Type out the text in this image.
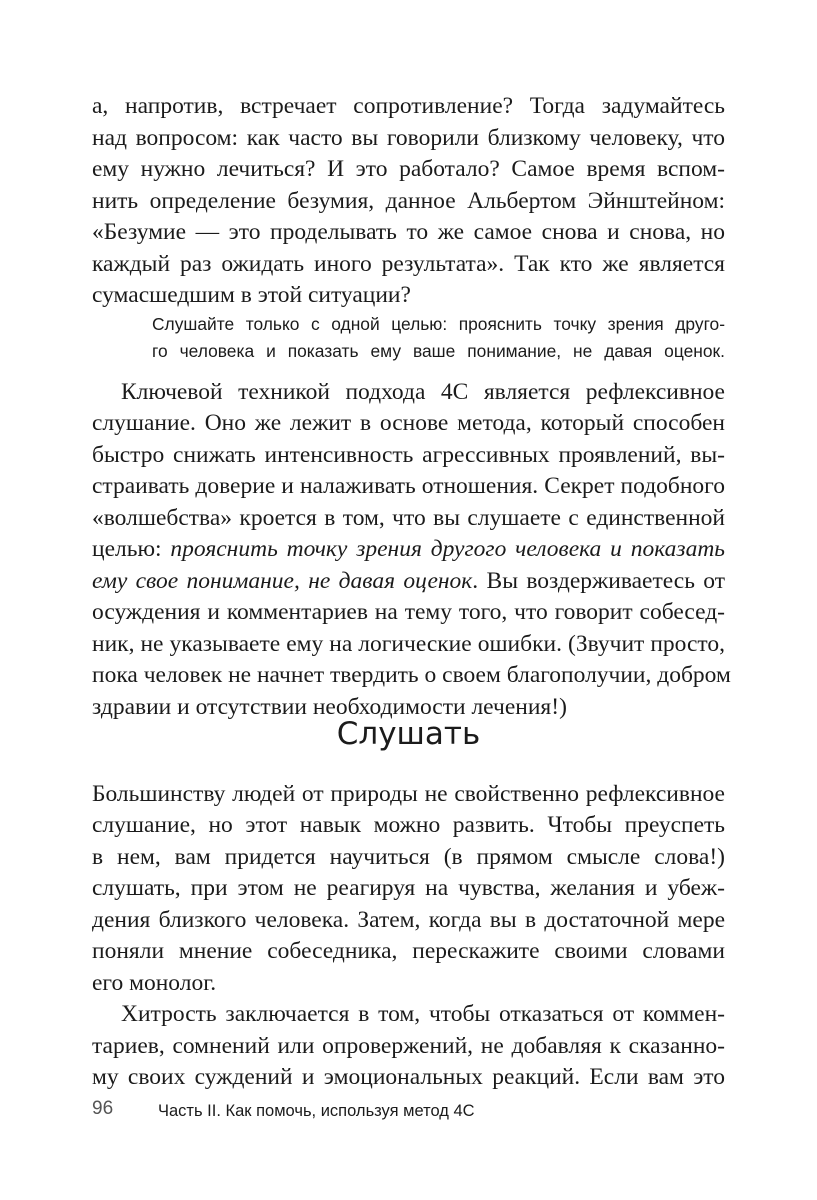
а, напротив, встречает сопротивление? Тогда задумайтесь
над вопросом: как часто вы говорили близкому человеку, что
ему нужно лечиться? И это работало? Самое время вспом-
нить определение безумия, данное Альбертом Эйнштейном:
«Безумие — это проделывать то же самое снова и снова, но
каждый раз ожидать иного результата». Так кто же является
сумасшедшим в этой ситуации?
Слушайте только с одной целью: прояснить точку зрения друго-
го человека и показать ему ваше понимание, не давая оценок.
Ключевой техникой подхода 4С является рефлексивное
слушание. Оно же лежит в основе метода, который способен
быстро снижать интенсивность агрессивных проявлений, вы-
страивать доверие и налаживать отношения. Секрет подобного
«волшебства» кроется в том, что вы слушаете с единственной
целью: прояснить точку зрения другого человека и показать
ему свое понимание, не давая оценок. Вы воздерживаетесь от
осуждения и комментариев на тему того, что говорит собесед-
ник, не указываете ему на логические ошибки. (Звучит просто,
пока человек не начнет твердить о своем благополучии, добром
здравии и отсутствии необходимости лечения!)
Слушать
Большинству людей от природы не свойственно рефлексивное
слушание, но этот навык можно развить. Чтобы преуспеть
в нем, вам придется научиться (в прямом смысле слова!)
слушать, при этом не реагируя на чувства, желания и убеж-
дения близкого человека. Затем, когда вы в достаточной мере
поняли мнение собеседника, перескажите своими словами
его монолог.
Хитрость заключается в том, чтобы отказаться от коммен-
тариев, сомнений или опровержений, не добавляя к сказанно-
му своих суждений и эмоциональных реакций. Если вам это
96	Часть II. Как помочь, используя метод 4С
